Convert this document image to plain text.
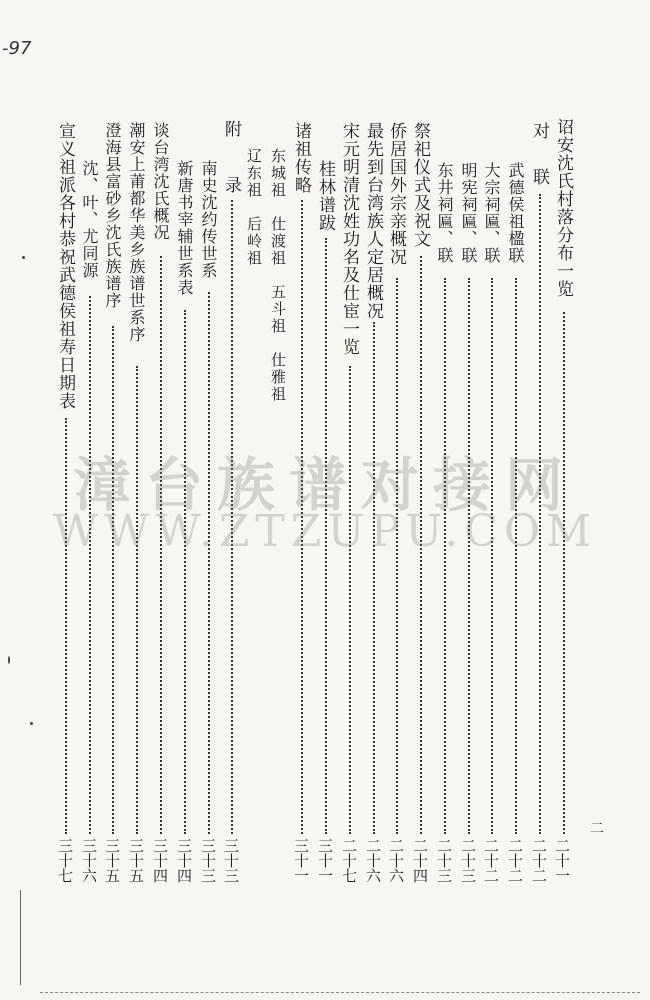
-97
诏安沈氏村落分布一览
二十一
对
联
二十二
武德侯祖楹联
二十二
大宗祠匾、联
二十二
明宪祠匾、联
二十三
东井祠匾、联
二十三
祭祀仪式及祝文
二十四
侨居国外宗亲概况
二十六
最先到台湾族人定居概况
二十六
宋元明清沈姓功名及仕宦一览
二十七
桂林谱跋
三十一
诸祖传略
三十一
东城祖　仕渡祖　五斗祖　仕雅祖
辽东祖　后岭祖
附
录
三十三
南史沈约传世系
三十三
新唐书宰辅世系表
三十四
谈台湾沈氏概况
三十四
潮安上莆都华美乡族谱世系序
三十五
澄海县富砂乡沈氏族谱序
三十五
沈、叶、尤同源
三十六
宣义祖派各村恭祝武德侯祖寿日期表
三十七
二
漳台族谱对接网
WWW.ZTZUPU.COM
